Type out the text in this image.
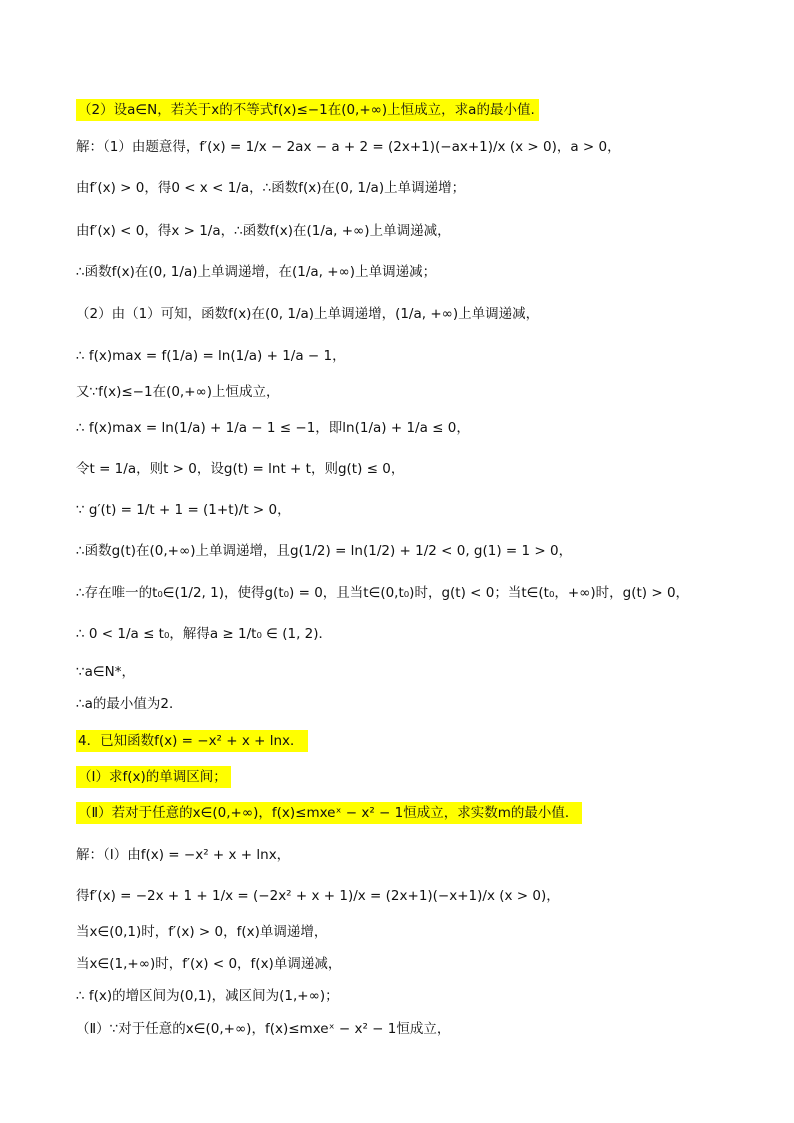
（2）设a∈N，若关于x的不等式f(x)≤−1在(0,+∞)上恒成立，求a的最小值.
解：（1）由题意得，f′(x) = 1/x − 2ax − a + 2 = (2x+1)(−ax+1)/x (x > 0)，a > 0，
由f′(x) > 0，得0 < x < 1/a，∴函数f(x)在(0, 1/a)上单调递增；
由f′(x) < 0，得x > 1/a，∴函数f(x)在(1/a, +∞)上单调递减，
∴函数f(x)在(0, 1/a)上单调递增，在(1/a, +∞)上单调递减；
（2）由（1）可知，函数f(x)在(0, 1/a)上单调递增，(1/a, +∞)上单调递减，
∴ f(x)max = f(1/a) = ln(1/a) + 1/a − 1，
又∵f(x)≤−1在(0,+∞)上恒成立，
∴ f(x)max = ln(1/a) + 1/a − 1 ≤ −1，即ln(1/a) + 1/a ≤ 0，
令t = 1/a，则t > 0，设g(t) = lnt + t，则g(t) ≤ 0，
∵ g′(t) = 1/t + 1 = (1+t)/t > 0，
∴函数g(t)在(0,+∞)上单调递增，且g(1/2) = ln(1/2) + 1/2 < 0, g(1) = 1 > 0，
∴存在唯一的t₀∈(1/2, 1)，使得g(t₀) = 0，且当t∈(0,t₀)时，g(t) < 0；当t∈(t₀，+∞)时，g(t) > 0，
∴ 0 < 1/a ≤ t₀，解得a ≥ 1/t₀ ∈ (1, 2)．
∵a∈N*，
∴a的最小值为2．
4．已知函数f(x) = −x² + x + lnx．
（Ⅰ）求f(x)的单调区间；
（Ⅱ）若对于任意的x∈(0,+∞)，f(x)≤mxeˣ − x² − 1恒成立，求实数m的最小值．
解：（Ⅰ）由f(x) = −x² + x + lnx，
得f′(x) = −2x + 1 + 1/x = (−2x² + x + 1)/x = (2x+1)(−x+1)/x (x > 0)，
当x∈(0,1)时，f′(x) > 0，f(x)单调递增，
当x∈(1,+∞)时，f′(x) < 0，f(x)单调递减，
∴ f(x)的增区间为(0,1)，减区间为(1,+∞)；
（Ⅱ）∵对于任意的x∈(0,+∞)，f(x)≤mxeˣ − x² − 1恒成立，
